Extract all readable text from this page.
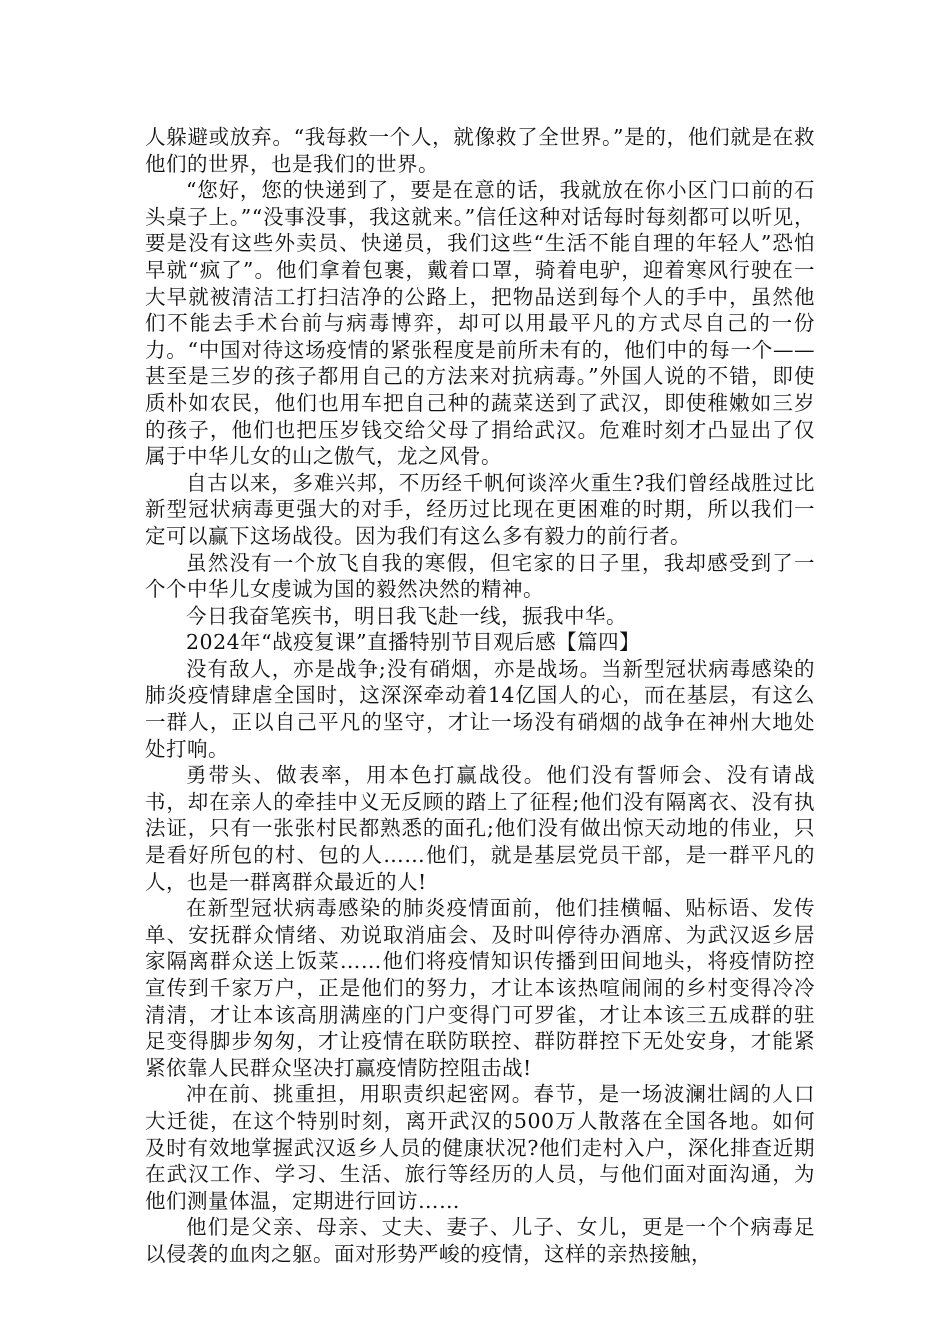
人躲避或放弃。“我每救一个人，就像救了全世界。”是的，他们就是在救他们的世界，也是我们的世界。

“您好，您的快递到了，要是在意的话，我就放在你小区门口前的石头桌子上。”“没事没事，我这就来。”信任这种对话每时每刻都可以听见，要是没有这些外卖员、快递员，我们这些“生活不能自理的年轻人”恐怕早就“疯了”。他们拿着包裹，戴着口罩，骑着电驴，迎着寒风行驶在一大早就被清洁工打扫洁净的公路上，把物品送到每个人的手中，虽然他们不能去手术台前与病毒博弈，却可以用最平凡的方式尽自己的一份力。“中国对待这场疫情的紧张程度是前所未有的，他们中的每一个——甚至是三岁的孩子都用自己的方法来对抗病毒。”外国人说的不错，即使质朴如农民，他们也用车把自己种的蔬菜送到了武汉，即使稚嫩如三岁的孩子，他们也把压岁钱交给父母了捐给武汉。危难时刻才凸显出了仅属于中华儿女的山之傲气，龙之风骨。

自古以来，多难兴邦，不历经千帆何谈淬火重生?我们曾经战胜过比新型冠状病毒更强大的对手，经历过比现在更困难的时期，所以我们一定可以赢下这场战役。因为我们有这么多有毅力的前行者。

虽然没有一个放飞自我的寒假，但宅家的日子里，我却感受到了一个个中华儿女虔诚为国的毅然决然的精神。

今日我奋笔疾书，明日我飞赴一线，振我中华。

2024年“战疫复课”直播特别节目观后感【篇四】

没有敌人，亦是战争;没有硝烟，亦是战场。当新型冠状病毒感染的肺炎疫情肆虐全国时，这深深牵动着14亿国人的心，而在基层，有这么一群人，正以自己平凡的坚守，才让一场没有硝烟的战争在神州大地处处打响。

勇带头、做表率，用本色打赢战役。他们没有誓师会、没有请战书，却在亲人的牵挂中义无反顾的踏上了征程;他们没有隔离衣、没有执法证，只有一张张村民都熟悉的面孔;他们没有做出惊天动地的伟业，只是看好所包的村、包的人……他们，就是基层党员干部，是一群平凡的人，也是一群离群众最近的人!

在新型冠状病毒感染的肺炎疫情面前，他们挂横幅、贴标语、发传单、安抚群众情绪、劝说取消庙会、及时叫停待办酒席、为武汉返乡居家隔离群众送上饭菜……他们将疫情知识传播到田间地头，将疫情防控宣传到千家万户，正是他们的努力，才让本该热喧闹闹的乡村变得冷冷清清，才让本该高朋满座的门户变得门可罗雀，才让本该三五成群的驻足变得脚步匆匆，才让疫情在联防联控、群防群控下无处安身，才能紧紧依靠人民群众坚决打赢疫情防控阻击战!

冲在前、挑重担，用职责织起密网。春节，是一场波澜壮阔的人口大迁徙，在这个特别时刻，离开武汉的500万人散落在全国各地。如何及时有效地掌握武汉返乡人员的健康状况?他们走村入户，深化排查近期在武汉工作、学习、生活、旅行等经历的人员，与他们面对面沟通，为他们测量体温，定期进行回访……

他们是父亲、母亲、丈夫、妻子、儿子、女儿，更是一个个病毒足以侵袭的血肉之躯。面对形势严峻的疫情，这样的亲热接触，
